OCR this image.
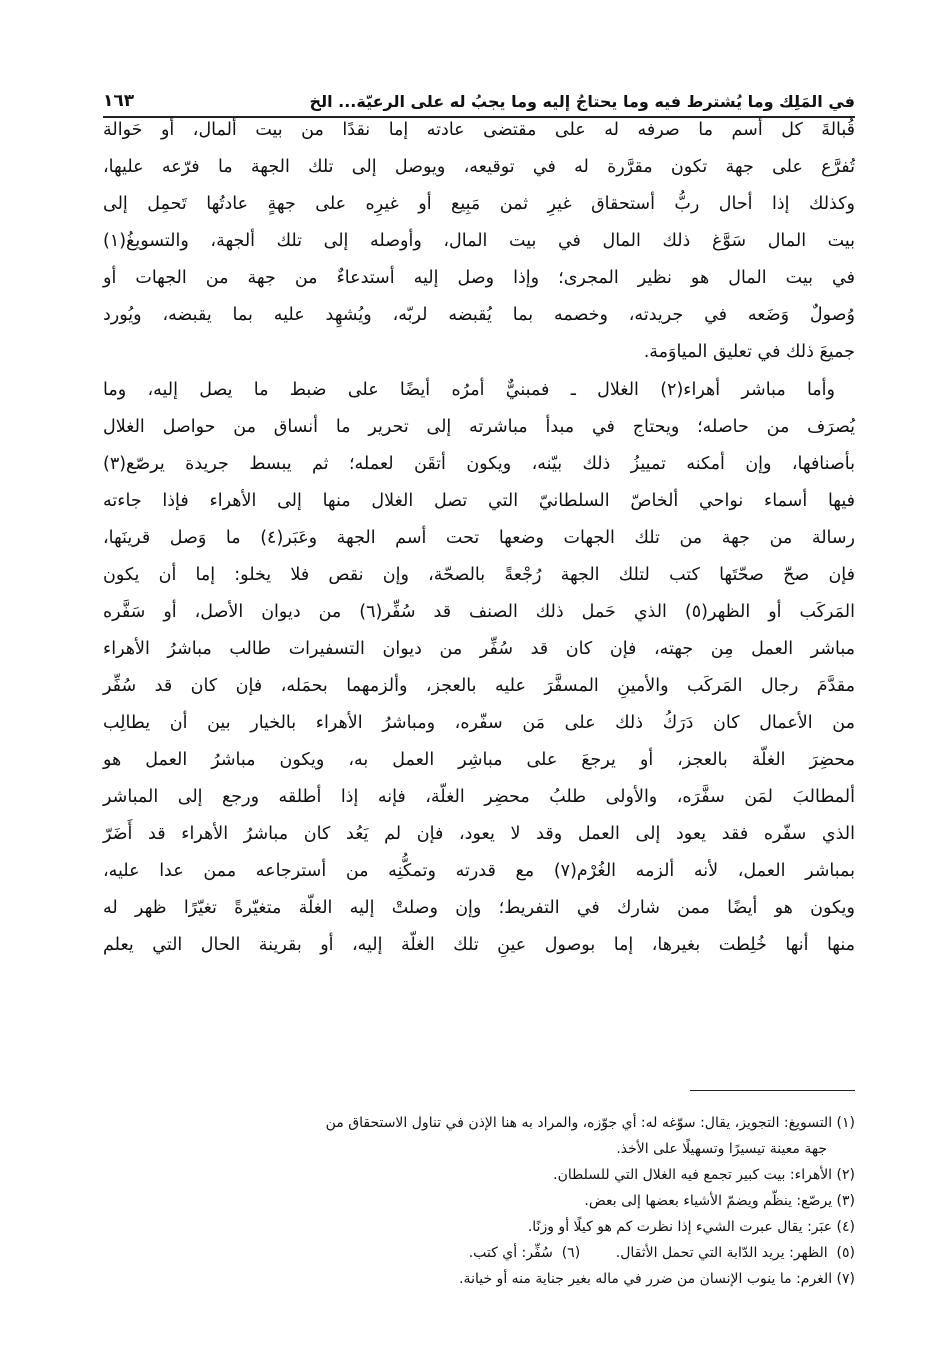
في المَلِك وما يُشترط فيه وما يحتاجُ إليه وما يجبُ له على الرعيّة... الخ
١٦٣
قُبالةَ كل أسم ما صرفه له على مقتضى عادته إما نقدًا من بيت ألمال، أو حَوالة
تُفرَّع على جهة تكون مقرَّرة له في توقيعه، ويوصل إلى تلك الجهة ما فرّعه عليها،
وكذلك إذا أحال ربُّ أستحقاق غيرِ ثمن مَبِيع أو غيرِه على جهةٍ عادتُها تَحمِل إلى
بيت المال سَوَّغ ذلك المال في بيت المال، وأوصله إلى تلك ألجهة، والتسويغُ(١)
في بيت المال هو نظير المجرى؛ وإذا وصل إليه أستدعاءٌ من جهة من الجهات أو
وُصولٌ وَضَعه في جريدته، وخصمه بما يُقبضه لربّه، ويُشهِد عليه بما يقبضه، ويُورد
جميعَ ذلك في تعليق المياوَمة.
وأما مباشر أهراء(٢) الغلال ـ فمبنيٌّ أمرُه أيضًا على ضبط ما يصل إليه، وما
يُصرَف من حاصله؛ ويحتاج في مبدأ مباشرته إلى تحرير ما أنساق من حواصل الغلال
بأصنافها، وإن أمكنه تمييزُ ذلك بيّنه، ويكون أتقَن لعمله؛ ثم يبسط جريدة يرصّع(٣)
فيها أسماء نواحي ألخاصّ السلطانيّ التي تصل الغلال منها إلى الأهراء فإذا جاءته
رسالة من جهة من تلك الجهات وضعها تحت أسم الجهة وعَبَر(٤) ما وَصل قرينَها،
فإن صحّ صحّتَها كتب لتلك الجهة رُجْعةً بالصحّة، وإن نقص فلا يخلو: إما أن يكون
المَركَب أو الظهر(٥) الذي حَمل ذلك الصنف قد سُفِّر(٦) من ديوان الأصل، أو سَفَّره
مباشر العمل مِن جهته، فإن كان قد سُفِّر من ديوان التسفيرات طالب مباشرُ الأهراء
مقدَّمَ رجال المَركَب والأمينِ المسفَّرَ عليه بالعجز، وألزمهما بحمَله، فإن كان قد سُفِّر
من الأعمال كان دَرَكُ ذلك على مَن سفّره، ومباشرُ الأهراء بالخيار بين أن يطالِب
محضِرَ الغلّة بالعجز، أو يرجعَ على مباشِر العمل به، ويكون مباشرُ العمل هو
ألمطالبَ لمَن سفَّرَه، والأولى طلبُ محضِر الغلّة، فإنه إذا أطلقه ورجع إلى المباشر
الذي سفّره فقد يعود إلى العمل وقد لا يعود، فإن لم يَعُد كان مباشرُ الأهراء قد أَضَرّ
بمباشر العمل، لأنه ألزمه الغُرْم(٧) مع قدرته وتمكُّنِه من أسترجاعه ممن عدا عليه،
ويكون هو أيضًا ممن شارك في التفريط؛ وإن وصلتْ إليه الغلّة متغيّرةً تغيّرًا ظهر له
منها أنها خُلِطت بغيرها، إما بوصول عينِ تلك الغلّة إليه، أو بقرينة الحال التي يعلم
(١) التسويغ: التجويز، يقال: سوّغه له: أي جوّزه، والمراد به هنا الإذن في تناول الاستحقاق من
جهة معينة تيسيرًا وتسهيلًا على الأخذ.
(٢) الأهراء: بيت كبير تجمع فيه الغلال التي للسلطان.
(٣) يرصّع: ينظّم ويضمّ الأشياء بعضها إلى بعض.
(٤) عبَر: يقال عبرت الشيء إذا نظرت كم هو كيلًا أو وزنًا.
(٥)  الظهر: يريد الدّابة التي تحمل الأثقال.        (٦)  سُفِّر: أي كتب.
(٧) الغرم: ما ينوب الإنسان من ضرر في ماله بغير جناية منه أو خيانة.
